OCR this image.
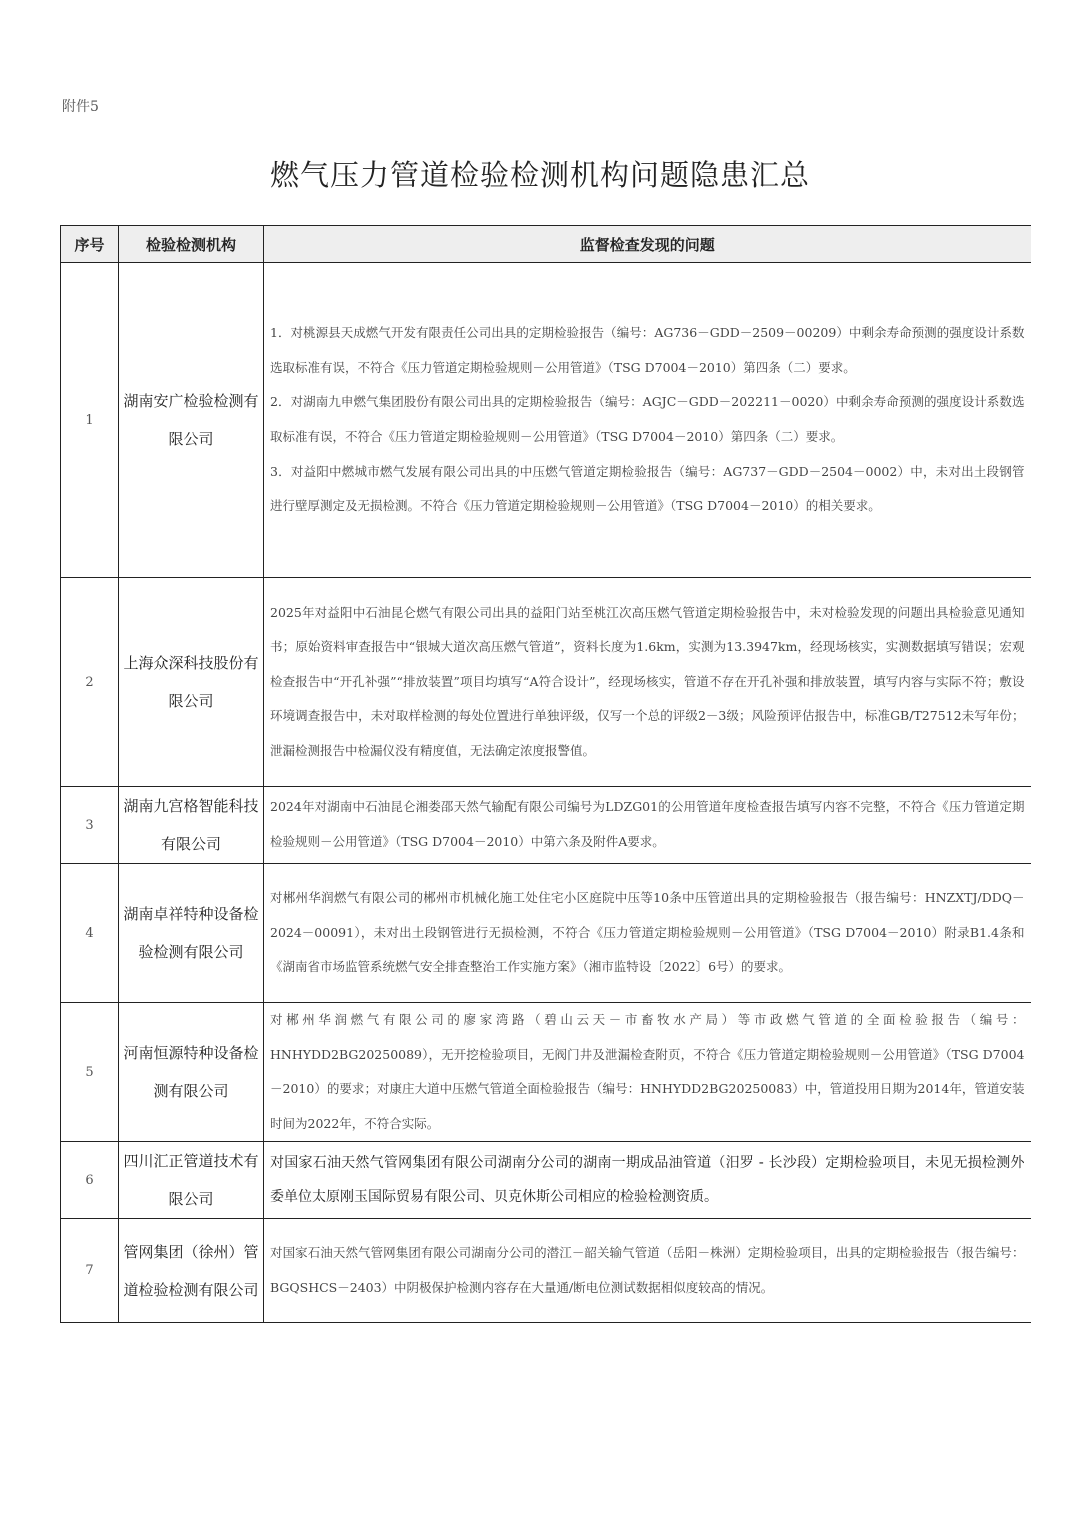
附件5
燃气压力管道检验检测机构问题隐患汇总
序号	检验检测机构	监督检查发现的问题
1	湖南安广检验检测有限公司	1．对桃源县天成燃气开发有限责任公司出具的定期检验报告（编号：AG736－GDD－2509－00209）中剩余寿命预测的强度设计系数选取标准有误，不符合《压力管道定期检验规则－公用管道》（TSG D7004－2010）第四条（二）要求。
2．对湖南九申燃气集团股份有限公司出具的定期检验报告（编号：AGJC－GDD－202211－0020）中剩余寿命预测的强度设计系数选取标准有误，不符合《压力管道定期检验规则－公用管道》（TSG D7004－2010）第四条（二）要求。
3．对益阳中燃城市燃气发展有限公司出具的中压燃气管道定期检验报告（编号：AG737－GDD－2504－0002）中，未对出土段钢管进行壁厚测定及无损检测。不符合《压力管道定期检验规则－公用管道》（TSG D7004－2010）的相关要求。

2	上海众深科技股份有限公司	2025年对益阳中石油昆仑燃气有限公司出具的益阳门站至桃江次高压燃气管道定期检验报告中，未对检验发现的问题出具检验意见通知书；原始资料审查报告中“银城大道次高压燃气管道”，资料长度为1.6km，实测为13.3947km，经现场核实，实测数据填写错误；宏观检查报告中“开孔补强”“排放装置”项目均填写“A符合设计”，经现场核实，管道不存在开孔补强和排放装置，填写内容与实际不符；敷设环境调查报告中，未对取样检测的每处位置进行单独评级，仅写一个总的评级2－3级；风险预评估报告中，标准GB/T27512未写年份；泄漏检测报告中检漏仪没有精度值，无法确定浓度报警值。

3	湖南九宫格智能科技有限公司	2024年对湖南中石油昆仑湘娄邵天然气输配有限公司编号为LDZG01的公用管道年度检查报告填写内容不完整，不符合《压力管道定期检验规则－公用管道》（TSG D7004－2010）中第六条及附件A要求。

4	湖南卓祥特种设备检验检测有限公司	对郴州华润燃气有限公司的郴州市机械化施工处住宅小区庭院中压等10条中压管道出具的定期检验报告（报告编号：HNZXTJ/DDQ－2024－00091），未对出土段钢管进行无损检测，不符合《压力管道定期检验规则－公用管道》（TSG D7004－2010）附录B1.4条和《湖南省市场监管系统燃气安全排查整治工作实施方案》（湘市监特设〔2022〕6号）的要求。

5	河南恒源特种设备检测有限公司	对郴州华润燃气有限公司的廖家湾路（碧山云天－市畜牧水产局）等市政燃气管道的全面检验报告（编号：HNHYDD2BG20250089），无开挖检验项目，无阀门井及泄漏检查附页，不符合《压力管道定期检验规则－公用管道》（TSG D7004－2010）的要求；对康庄大道中压燃气管道全面检验报告（编号：HNHYDD2BG20250083）中，管道投用日期为2014年，管道安装时间为2022年，不符合实际。

6	四川汇正管道技术有限公司	对国家石油天然气管网集团有限公司湖南分公司的湖南一期成品油管道（汨罗 - 长沙段）定期检验项目，未见无损检测外委单位太原刚玉国际贸易有限公司、贝克休斯公司相应的检验检测资质。

7	管网集团（徐州）管道检验检测有限公司	对国家石油天然气管网集团有限公司湖南分公司的潜江－韶关输气管道（岳阳－株洲）定期检验项目，出具的定期检验报告（报告编号：BGQSHCS－2403）中阴极保护检测内容存在大量通/断电位测试数据相似度较高的情况。
